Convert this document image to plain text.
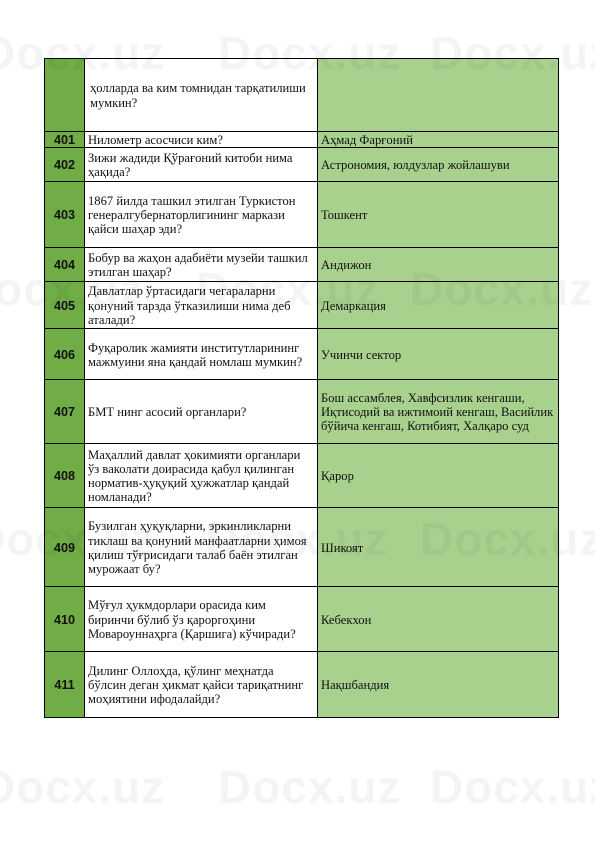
	ҳолларда ва ким томнидан тарқатилиши мумкин?	
401	Нилометр асосчиси ким?	Аҳмад Фарғоний
402	Зижи жадиди Қўрағоний китоби нима ҳақида?	Астрономия, юлдузлар жойлашуви
403	1867 йилда ташкил этилган Туркистон генералгубернаторлигининг маркази қайси шаҳар эди?	Тошкент
404	Бобур ва жаҳон адабиёти музейи ташкил этилган шаҳар?	Андижон
405	Давлатлар ўртасидаги чегараларни қонуний тарзда ўтказилиши нима деб аталади?	Демаркация
406	Фуқаролик жамияти институтларининг мажмуини яна қандай номлаш мумкин?	Учинчи сектор
407	БМТ нинг асосий органлари?	Бош ассамблея, Хавфсизлик кенгаши, Иқтисодий ва ижтимоий кенгаш, Васийлик бўйича кенгаш, Котибият, Халқаро суд
408	Маҳаллий давлат ҳокимияти органлари ўз ваколати доирасида қабул қилинган норматив-ҳуқуқий ҳужжатлар қандай номланади?	Қарор
409	Бузилган ҳуқуқларни, эркинликларни тиклаш ва қонуний манфаатларни ҳимоя қилиш тўғрисидаги талаб баён этилган мурожаат бу?	Шикоят
410	Мўғул ҳукмдорлари орасида ким биринчи бўлиб ўз қароргоҳини Мовароуннаҳрга (Қаршига) кўчиради?	Кебекхон
411	Дилинг Оллоҳда, қўлинг меҳнатда бўлсин деган ҳикмат қайси тариқатнинг моҳиятини ифодалайди?	Нақшбандия
